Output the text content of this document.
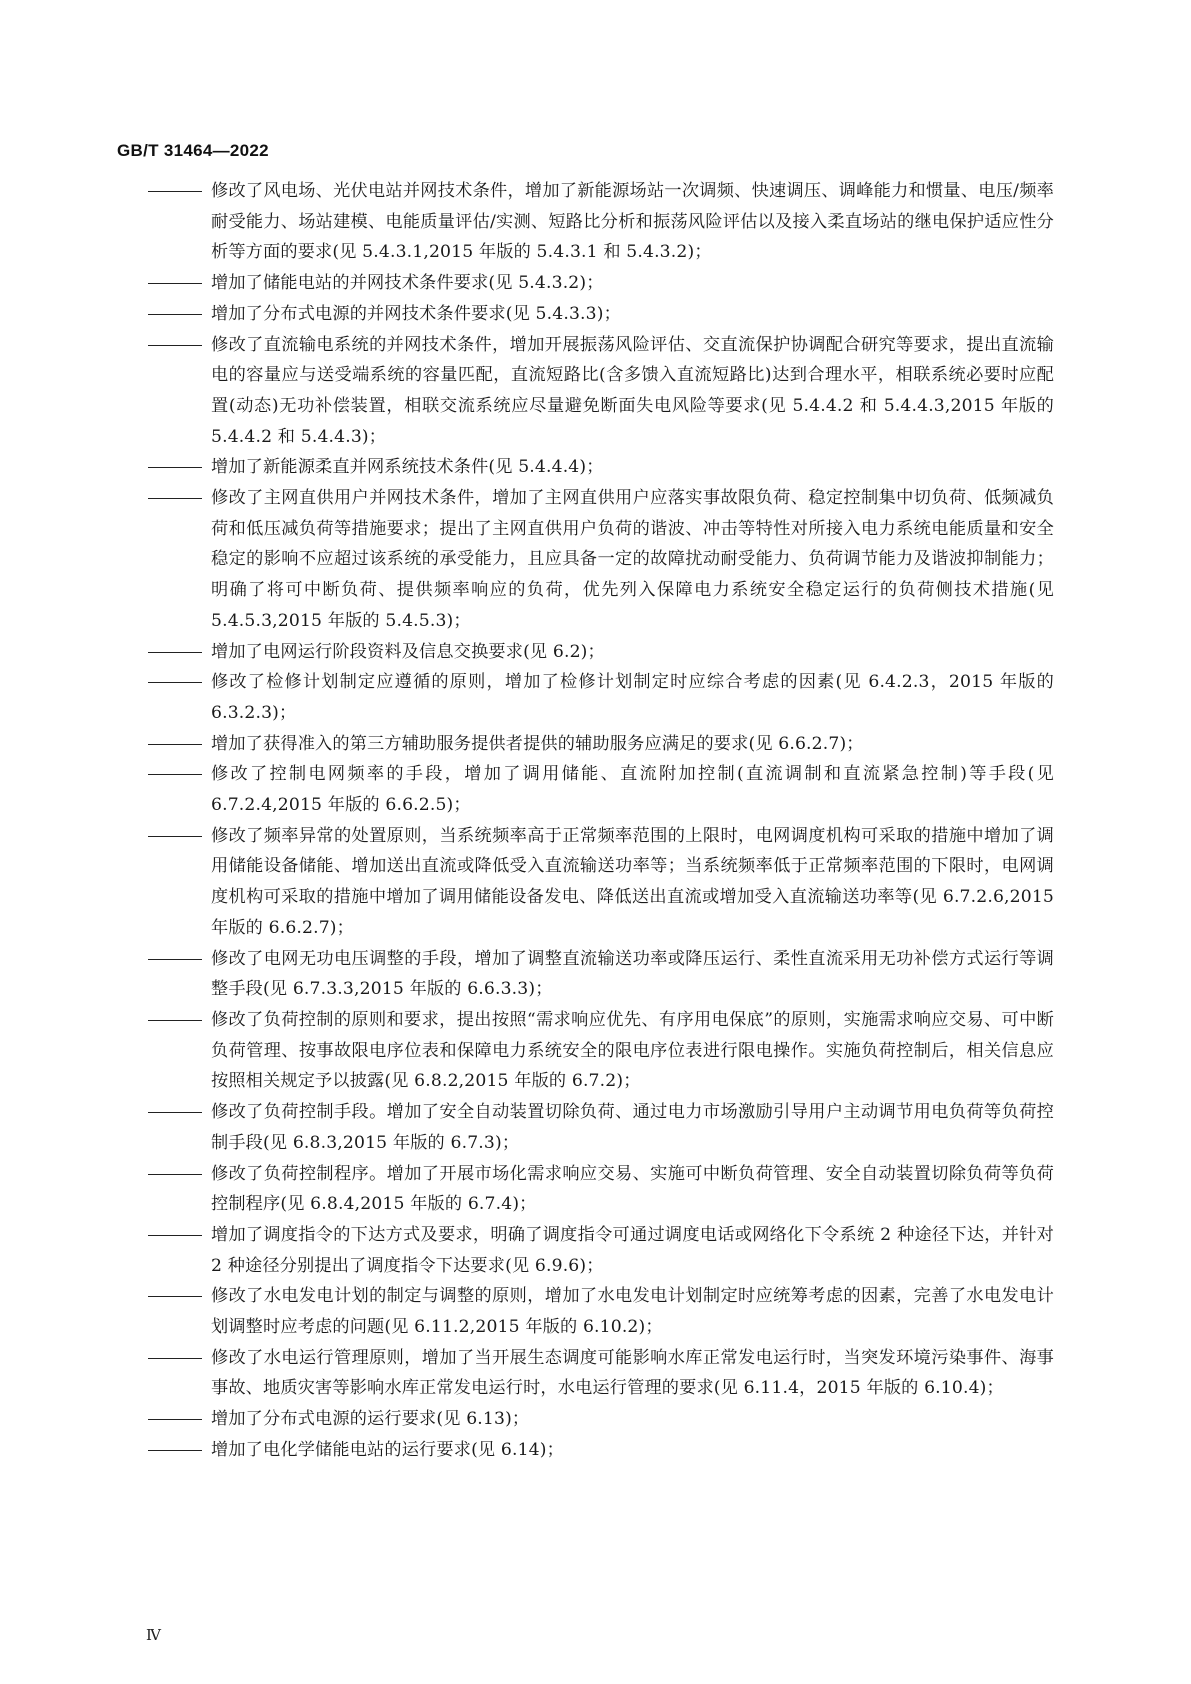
GB/T 31464—2022
修改了风电场、光伏电站并网技术条件，增加了新能源场站一次调频、快速调压、调峰能力和惯量、电压/频率耐受能力、场站建模、电能质量评估/实测、短路比分析和振荡风险评估以及接入柔直场站的继电保护适应性分析等方面的要求(见 5.4.3.1,2015 年版的 5.4.3.1 和 5.4.3.2)；
增加了储能电站的并网技术条件要求(见 5.4.3.2)；
增加了分布式电源的并网技术条件要求(见 5.4.3.3)；
修改了直流输电系统的并网技术条件，增加开展振荡风险评估、交直流保护协调配合研究等要求，提出直流输电的容量应与送受端系统的容量匹配，直流短路比(含多馈入直流短路比)达到合理水平，相联系统必要时应配置(动态)无功补偿装置，相联交流系统应尽量避免断面失电风险等要求(见 5.4.4.2 和 5.4.4.3,2015 年版的 5.4.4.2 和 5.4.4.3)；
增加了新能源柔直并网系统技术条件(见 5.4.4.4)；
修改了主网直供用户并网技术条件，增加了主网直供用户应落实事故限负荷、稳定控制集中切负荷、低频减负荷和低压减负荷等措施要求；提出了主网直供用户负荷的谐波、冲击等特性对所接入电力系统电能质量和安全稳定的影响不应超过该系统的承受能力，且应具备一定的故障扰动耐受能力、负荷调节能力及谐波抑制能力；明确了将可中断负荷、提供频率响应的负荷，优先列入保障电力系统安全稳定运行的负荷侧技术措施(见 5.4.5.3,2015 年版的 5.4.5.3)；
增加了电网运行阶段资料及信息交换要求(见 6.2)；
修改了检修计划制定应遵循的原则，增加了检修计划制定时应综合考虑的因素(见 6.4.2.3，2015 年版的 6.3.2.3)；
增加了获得准入的第三方辅助服务提供者提供的辅助服务应满足的要求(见 6.6.2.7)；
修改了控制电网频率的手段，增加了调用储能、直流附加控制(直流调制和直流紧急控制)等手段(见 6.7.2.4,2015 年版的 6.6.2.5)；
修改了频率异常的处置原则，当系统频率高于正常频率范围的上限时，电网调度机构可采取的措施中增加了调用储能设备储能、增加送出直流或降低受入直流输送功率等；当系统频率低于正常频率范围的下限时，电网调度机构可采取的措施中增加了调用储能设备发电、降低送出直流或增加受入直流输送功率等(见 6.7.2.6,2015 年版的 6.6.2.7)；
修改了电网无功电压调整的手段，增加了调整直流输送功率或降压运行、柔性直流采用无功补偿方式运行等调整手段(见 6.7.3.3,2015 年版的 6.6.3.3)；
修改了负荷控制的原则和要求，提出按照“需求响应优先、有序用电保底”的原则，实施需求响应交易、可中断负荷管理、按事故限电序位表和保障电力系统安全的限电序位表进行限电操作。实施负荷控制后，相关信息应按照相关规定予以披露(见 6.8.2,2015 年版的 6.7.2)；
修改了负荷控制手段。增加了安全自动装置切除负荷、通过电力市场激励引导用户主动调节用电负荷等负荷控制手段(见 6.8.3,2015 年版的 6.7.3)；
修改了负荷控制程序。增加了开展市场化需求响应交易、实施可中断负荷管理、安全自动装置切除负荷等负荷控制程序(见 6.8.4,2015 年版的 6.7.4)；
增加了调度指令的下达方式及要求，明确了调度指令可通过调度电话或网络化下令系统 2 种途径下达，并针对 2 种途径分别提出了调度指令下达要求(见 6.9.6)；
修改了水电发电计划的制定与调整的原则，增加了水电发电计划制定时应统筹考虑的因素，完善了水电发电计划调整时应考虑的问题(见 6.11.2,2015 年版的 6.10.2)；
修改了水电运行管理原则，增加了当开展生态调度可能影响水库正常发电运行时，当突发环境污染事件、海事事故、地质灾害等影响水库正常发电运行时，水电运行管理的要求(见 6.11.4，2015 年版的 6.10.4)；
增加了分布式电源的运行要求(见 6.13)；
增加了电化学储能电站的运行要求(见 6.14)；
Ⅳ
